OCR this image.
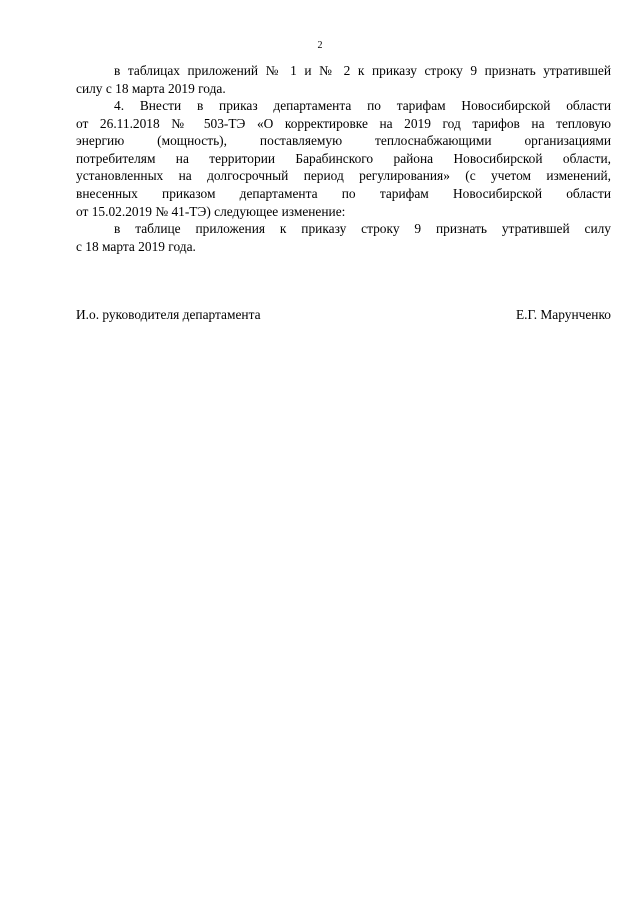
2
в таблицах приложений № 1 и № 2 к приказу строку 9 признать утратившей
силу с 18 марта 2019 года.
4. Внести в приказ департамента по тарифам Новосибирской области
от 26.11.2018 № 503-ТЭ «О корректировке на 2019 год тарифов на тепловую
энергию (мощность), поставляемую теплоснабжающими организациями
потребителям на территории Барабинского района Новосибирской области,
установленных на долгосрочный период регулирования» (с учетом изменений,
внесенных приказом департамента по тарифам Новосибирской области
от 15.02.2019 № 41-ТЭ) следующее изменение:
в таблице приложения к приказу строку 9 признать утратившей силу
с 18 марта 2019 года.
И.о. руководителя департамента	Е.Г. Марунченко
